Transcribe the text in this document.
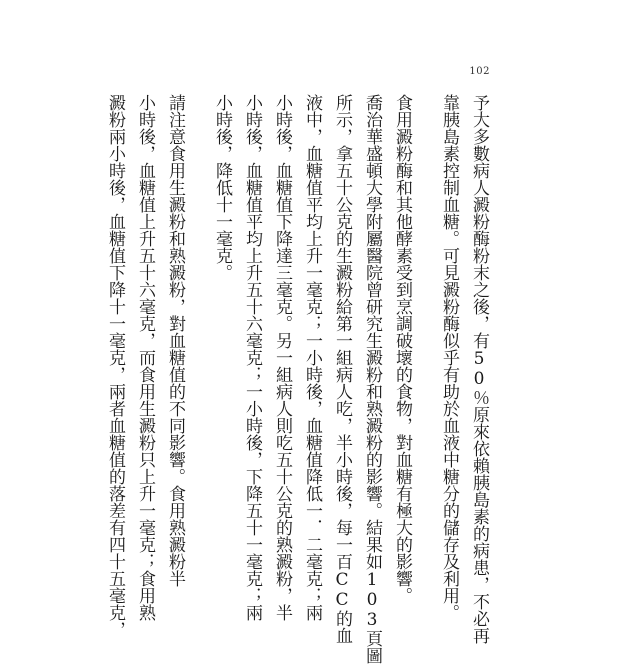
102
予大多數病人澱粉酶粉末之後，有50％原來依賴胰島素的病患，不必再
靠胰島素控制血糖。可見澱粉酶似乎有助於血液中糖分的儲存及利用。
食用澱粉酶和其他酵素受到烹調破壞的食物，對血糖有極大的影響。
喬治華盛頓大學附屬醫院曾研究生澱粉和熟澱粉的影響。結果如103頁圖
所示，拿五十公克的生澱粉給第一組病人吃，半小時後，每一百CC的血
液中，血糖值平均上升一毫克；一小時後，血糖值降低一．二毫克；兩
小時後，血糖值下降達三毫克。另一組病人則吃五十公克的熟澱粉，半
小時後，血糖值平均上升五十六毫克；一小時後，下降五十一毫克；兩
小時後，降低十一毫克。
請注意食用生澱粉和熟澱粉，對血糖值的不同影響。食用熟澱粉半
小時後，血糖值上升五十六毫克，而食用生澱粉只上升一毫克；食用熟
澱粉兩小時後，血糖值下降十一毫克，兩者血糖值的落差有四十五毫克，
